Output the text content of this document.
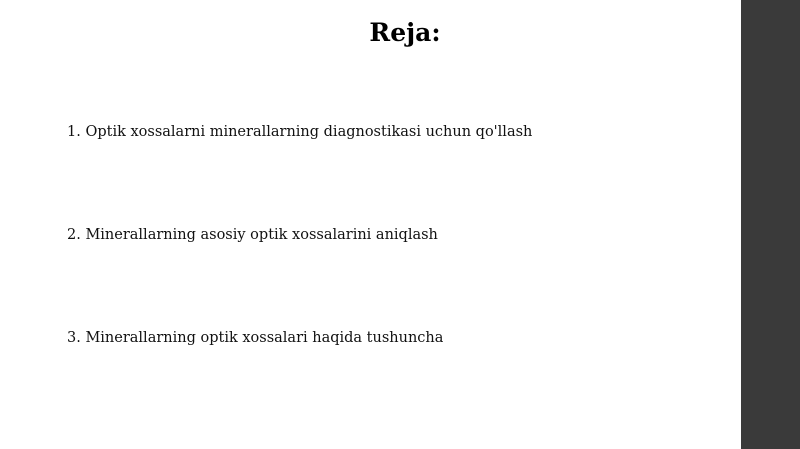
Reja:

1. Optik xossalarni minerallarning diagnostikasi uchun qo'llash

2. Minerallarning asosiy optik xossalarini aniqlash

3. Minerallarning optik xossalari haqida tushuncha
